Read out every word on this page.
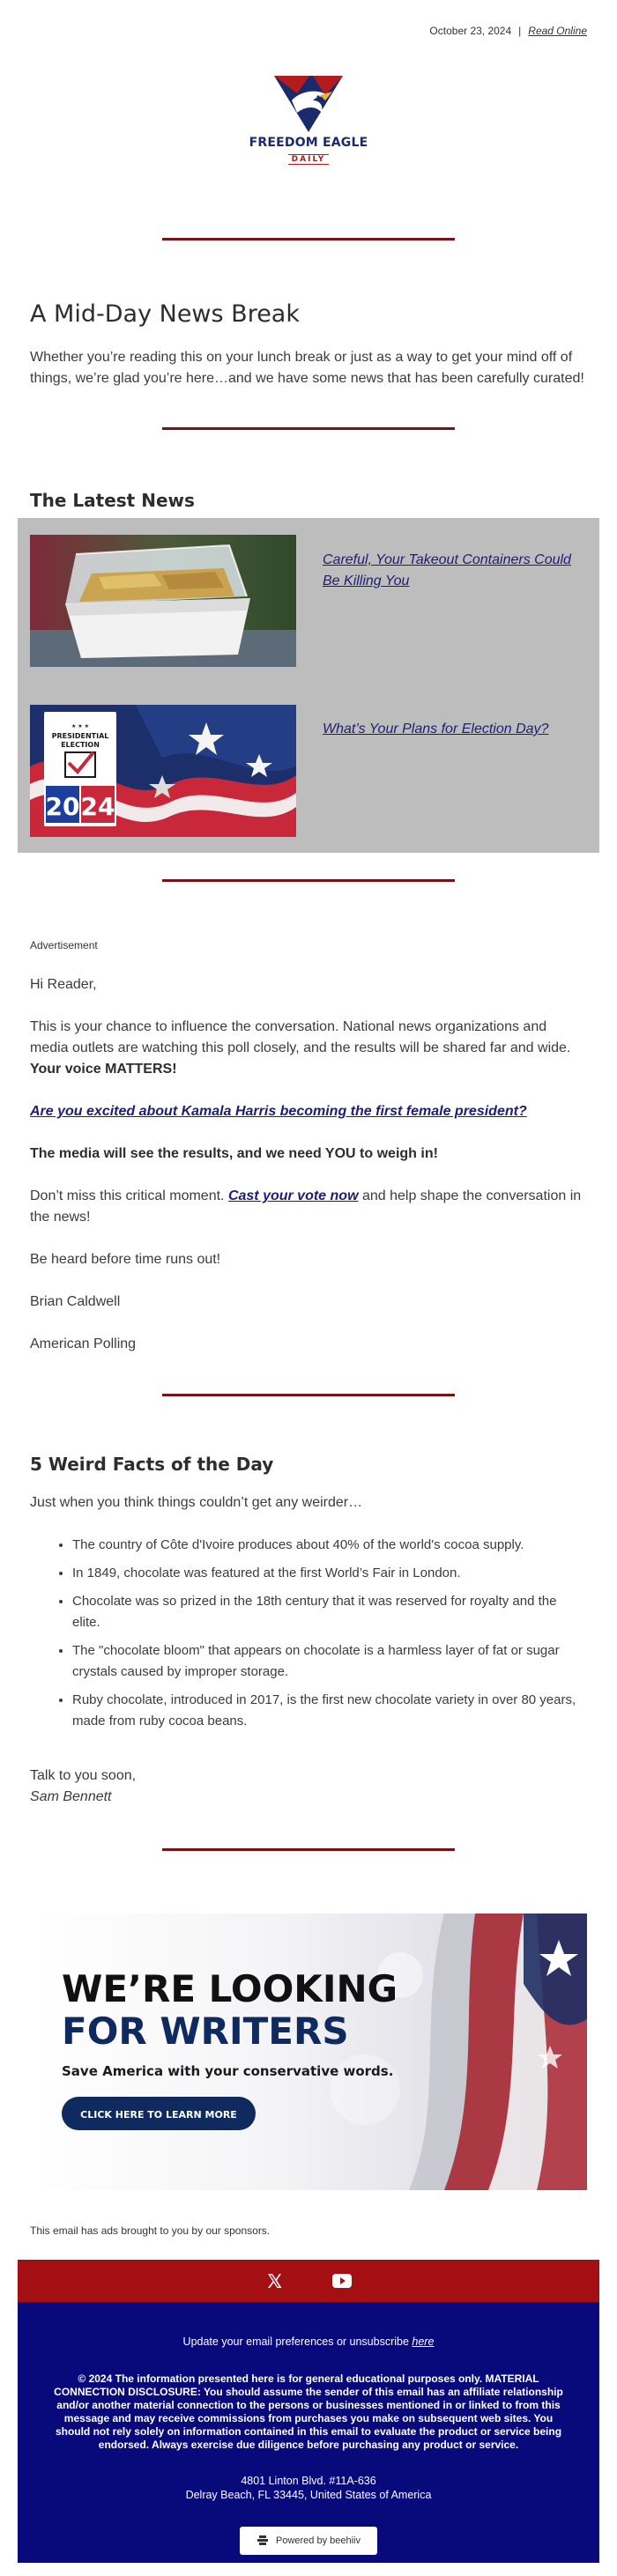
October 23, 2024 | Read Online
FREEDOM EAGLE
DAILY
A Mid-Day News Break

Whether you’re reading this on your lunch break or just as a way to get your mind off of things, we’re glad you’re here…and we have some news that has been carefully curated!

The Latest News
Careful, Your Takeout Containers Could Be Killing You
★ ★ ★
PRESIDENTIAL
ELECTION
20 24
What’s Your Plans for Election Day?
Advertisement

Hi Reader,

This is your chance to influence the conversation. National news organizations and media outlets are watching this poll closely, and the results will be shared far and wide.
Your voice MATTERS!

Are you excited about Kamala Harris becoming the first female president?

The media will see the results, and we need YOU to weigh in!

Don’t miss this critical moment. Cast your vote now and help shape the conversation in the news!

Be heard before time runs out!

Brian Caldwell

American Polling

5 Weird Facts of the Day

Just when you think things couldn’t get any weirder…

• The country of Côte d'Ivoire produces about 40% of the world's cocoa supply.
• In 1849, chocolate was featured at the first World’s Fair in London.
• Chocolate was so prized in the 18th century that it was reserved for royalty and the elite.
• The "chocolate bloom" that appears on chocolate is a harmless layer of fat or sugar crystals caused by improper storage.
• Ruby chocolate, introduced in 2017, is the first new chocolate variety in over 80 years, made from ruby cocoa beans.

Talk to you soon,

Sam Bennett

WE’RE LOOKING
FOR WRITERS
Save America with your conservative words.
CLICK HERE TO LEARN MORE

This email has ads brought to you by our sponsors.

Update your email preferences or unsubscribe here
© 2024 The information presented here is for general educational purposes only. MATERIAL CONNECTION DISCLOSURE: You should assume the sender of this email has an affiliate relationship and/or another material connection to the persons or businesses mentioned in or linked to from this message and may receive commissions from purchases you make on subsequent web sites. You should not rely solely on information contained in this email to evaluate the product or service being endorsed. Always exercise due diligence before purchasing any product or service.
4801 Linton Blvd. #11A-636
Delray Beach, FL 33445, United States of America
Powered by beehiiv
